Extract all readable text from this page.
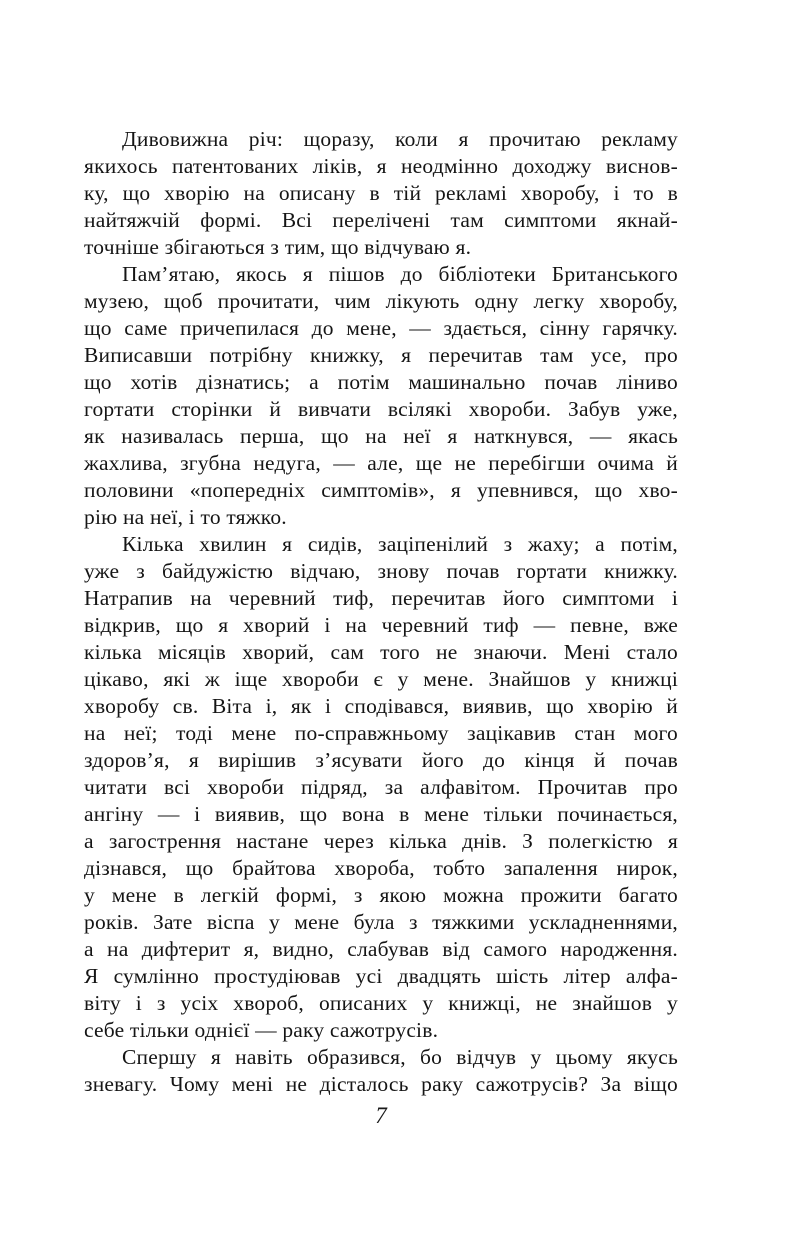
Дивовижна річ: щоразу, коли я прочитаю рекламу
якихось патентованих ліків, я неодмінно доходжу виснов-
ку, що хворію на описану в тій рекламі хворобу, і то в
найтяжчій формі. Всі перелічені там симптоми якнай-
точніше збігаються з тим, що відчуваю я.
Пам’ятаю, якось я пішов до бібліотеки Британського
музею, щоб прочитати, чим лікують одну легку хворобу,
що саме причепилася до мене, — здається, сінну гарячку.
Виписавши потрібну книжку, я перечитав там усе, про
що хотів дізнатись; а потім машинально почав ліниво
гортати сторінки й вивчати всілякі хвороби. Забув уже,
як називалась перша, що на неї я наткнувся, — якась
жахлива, згубна недуга, — але, ще не перебігши очима й
половини «попередніх симптомів», я упевнився, що хво-
рію на неї, і то тяжко.
Кілька хвилин я сидів, заціпенілий з жаху; а потім,
уже з байдужістю відчаю, знову почав гортати книжку.
Натрапив на черевний тиф, перечитав його симптоми і
відкрив, що я хворий і на черевний тиф — певне, вже
кілька місяців хворий, сам того не знаючи. Мені стало
цікаво, які ж іще хвороби є у мене. Знайшов у книжці
хворобу св. Віта і, як і сподівався, виявив, що хворію й
на неї; тоді мене по-справжньому зацікавив стан мого
здоров’я, я вирішив з’ясувати його до кінця й почав
читати всі хвороби підряд, за алфавітом. Прочитав про
ангіну — і виявив, що вона в мене тільки починається,
а загострення настане через кілька днів. З полегкістю я
дізнався, що брайтова хвороба, тобто запалення нирок,
у мене в легкій формі, з якою можна прожити багато
років. Зате віспа у мене була з тяжкими ускладненнями,
а на дифтерит я, видно, слабував від самого народження.
Я сумлінно простудіював усі двадцять шість літер алфа-
віту і з усіх хвороб, описаних у книжці, не знайшов у
себе тільки однієї — раку сажотрусів.
Спершу я навіть образився, бо відчув у цьому якусь
зневагу. Чому мені не дісталось раку сажотрусів? За віщо
7
